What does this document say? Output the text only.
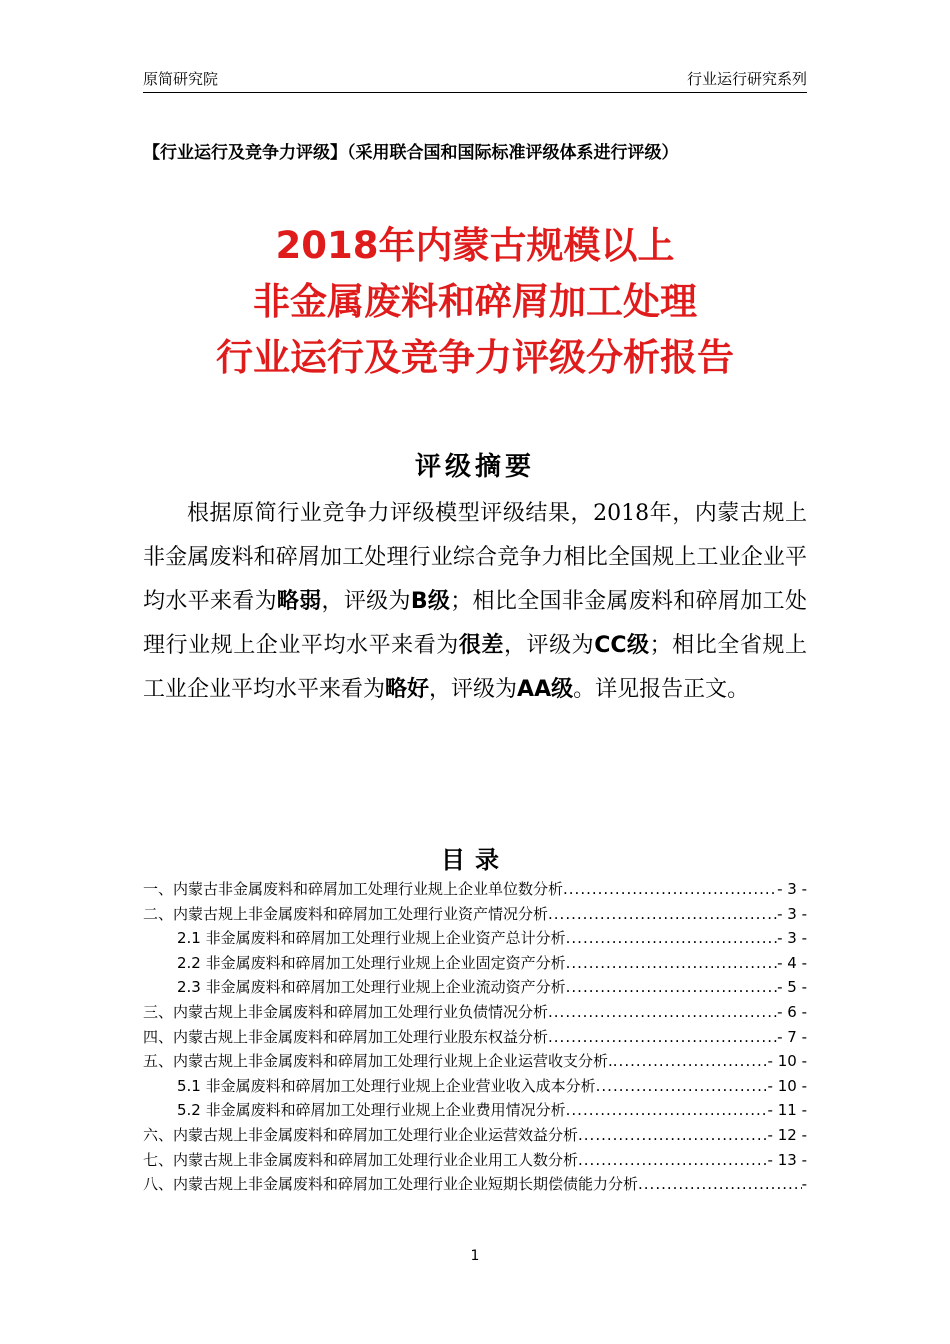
原简研究院	行业运行研究系列
【行业运行及竞争力评级】（采用联合国和国际标准评级体系进行评级）
2018年内蒙古规模以上
非金属废料和碎屑加工处理
行业运行及竞争力评级分析报告
评级摘要

根据原简行业竞争力评级模型评级结果，2018年，内蒙古规上非金属废料和碎屑加工处理行业综合竞争力相比全国规上工业企业平均水平来看为略弱，评级为B级；相比全国非金属废料和碎屑加工处理行业规上企业平均水平来看为很差，评级为CC级；相比全省规上工业企业平均水平来看为略好，评级为AA级。详见报告正文。

目录
一、内蒙古非金属废料和碎屑加工处理行业规上企业单位数分析 .....	- 3 -
二、内蒙古规上非金属废料和碎屑加工处理行业资产情况分析 .....	- 3 -
2.1 非金属废料和碎屑加工处理行业规上企业资产总计分析 .....	- 3 -
2.2 非金属废料和碎屑加工处理行业规上企业固定资产分析 .....	- 4 -
2.3 非金属废料和碎屑加工处理行业规上企业流动资产分析 .....	- 5 -
三、内蒙古规上非金属废料和碎屑加工处理行业负债情况分析 .....	- 6 -
四、内蒙古规上非金属废料和碎屑加工处理行业股东权益分析 .....	- 7 -
五、内蒙古规上非金属废料和碎屑加工处理行业规上企业运营收支分析. .....	- 10 -
5.1 非金属废料和碎屑加工处理行业规上企业营业收入成本分析 .....	- 10 -
5.2 非金属废料和碎屑加工处理行业规上企业费用情况分析 .....	- 11 -
六、内蒙古规上非金属废料和碎屑加工处理行业企业运营效益分析 .....	- 12 -
七、内蒙古规上非金属废料和碎屑加工处理行业企业用工人数分析 .....	- 13 -
八、内蒙古规上非金属废料和碎屑加工处理行业企业短期长期偿债能力分析 .....	-
1
